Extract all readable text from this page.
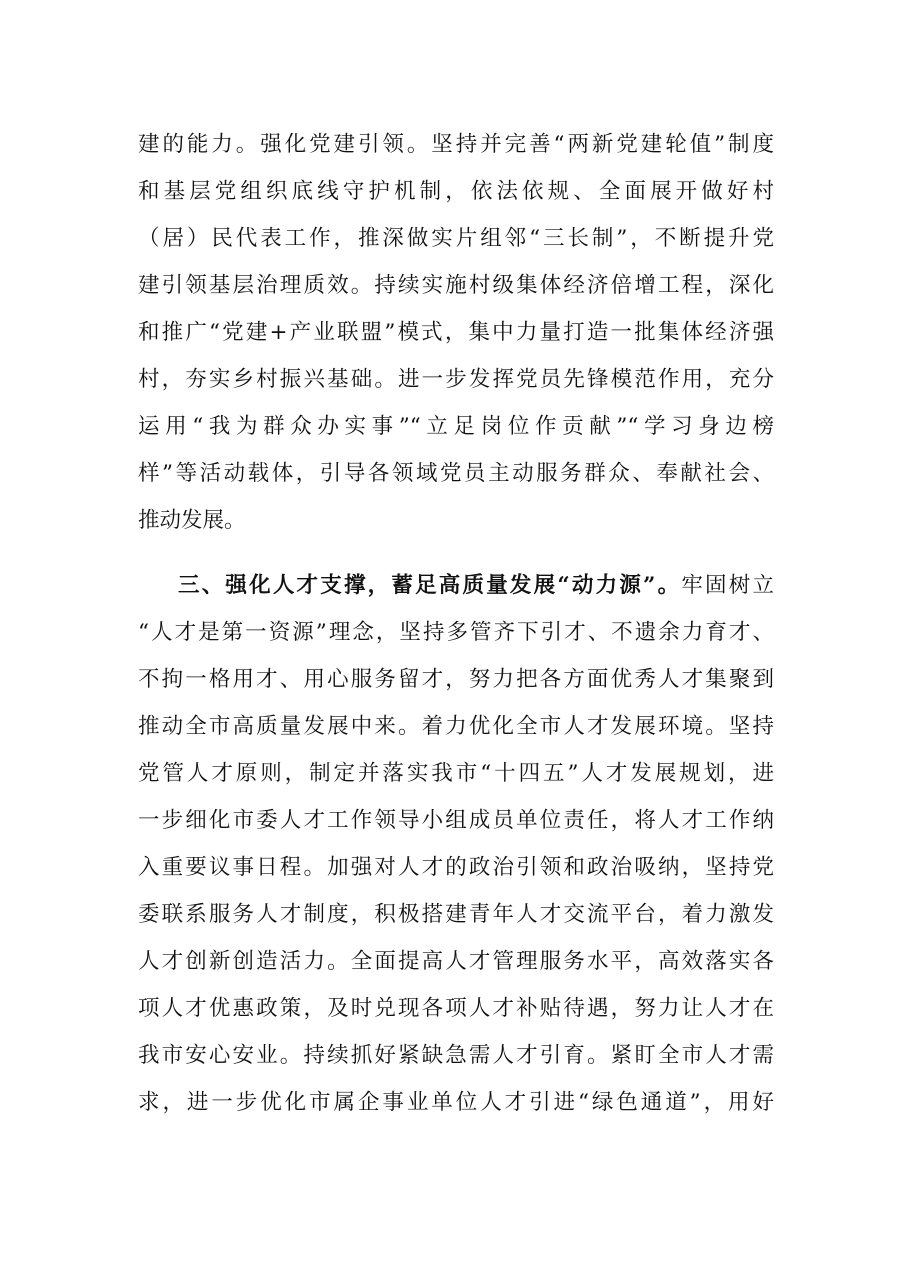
建的能力。强化党建引领。坚持并完善“两新党建轮值”制度
和基层党组织底线守护机制，依法依规、全面展开做好村
（居）民代表工作，推深做实片组邻“三长制”，不断提升党
建引领基层治理质效。持续实施村级集体经济倍增工程，深化
和推广“党建+产业联盟”模式，集中力量打造一批集体经济强
村，夯实乡村振兴基础。进一步发挥党员先锋模范作用，充分
运用“我为群众办实事”“立足岗位作贡献”“学习身边榜
样”等活动载体，引导各领域党员主动服务群众、奉献社会、
推动发展。
三、强化人才支撑，蓄足高质量发展“动力源”。牢固树立
“人才是第一资源”理念，坚持多管齐下引才、不遗余力育才、
不拘一格用才、用心服务留才，努力把各方面优秀人才集聚到
推动全市高质量发展中来。着力优化全市人才发展环境。坚持
党管人才原则，制定并落实我市“十四五”人才发展规划，进
一步细化市委人才工作领导小组成员单位责任，将人才工作纳
入重要议事日程。加强对人才的政治引领和政治吸纳，坚持党
委联系服务人才制度，积极搭建青年人才交流平台，着力激发
人才创新创造活力。全面提高人才管理服务水平，高效落实各
项人才优惠政策，及时兑现各项人才补贴待遇，努力让人才在
我市安心安业。持续抓好紧缺急需人才引育。紧盯全市人才需
求，进一步优化市属企事业单位人才引进“绿色通道”，用好
